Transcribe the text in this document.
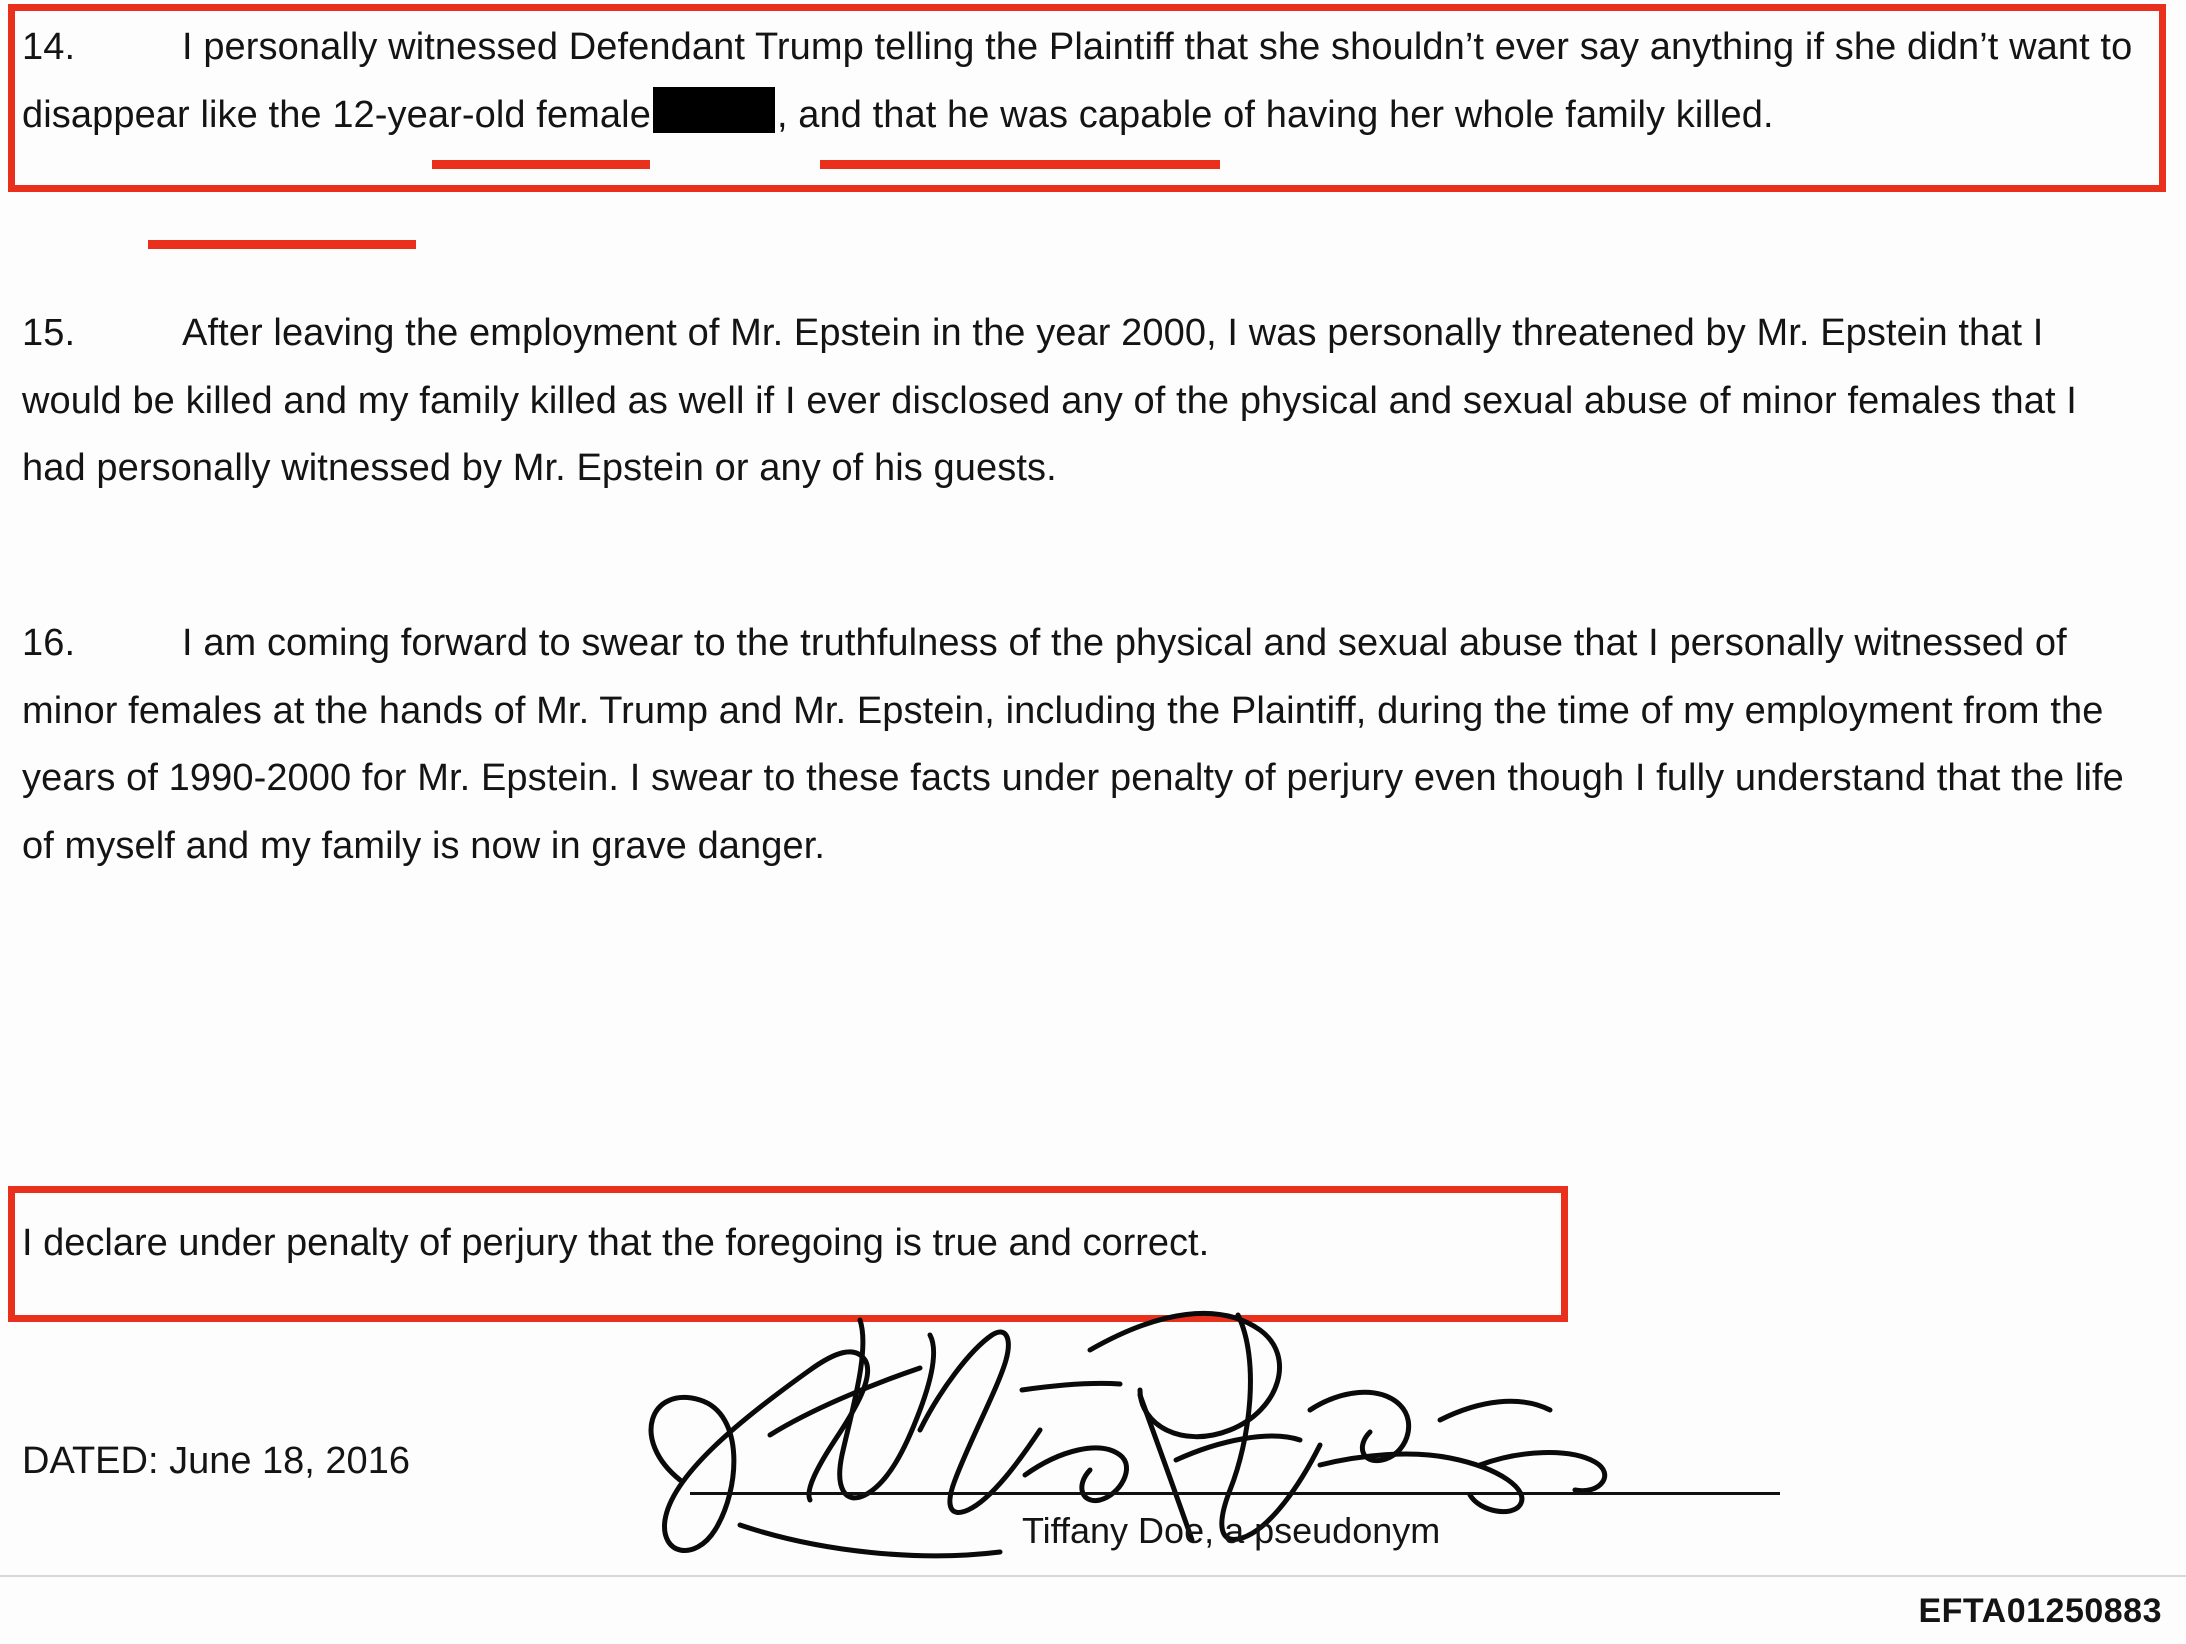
14.	I personally witnessed Defendant Trump telling the Plaintiff that she shouldn’t ever say anything if she didn’t want to disappear like the 12-year-old female	, and that he was capable of having her whole family killed.
15.	After leaving the employment of Mr. Epstein in the year 2000, I was personally threatened by Mr. Epstein that I would be killed and my family killed as well if I ever disclosed any of the physical and sexual abuse of minor females that I had personally witnessed by Mr. Epstein or any of his guests.
16.	I am coming forward to swear to the truthfulness of the physical and sexual abuse that I personally witnessed of minor females at the hands of Mr. Trump and Mr. Epstein, including the Plaintiff, during the time of my employment from the years of 1990-2000 for Mr. Epstein. I swear to these facts under penalty of perjury even though I fully understand that the life of myself and my family is now in grave danger.
I declare under penalty of perjury that the foregoing is true and correct.
DATED: June 18, 2016
Tiffany Doe, a pseudonym
EFTA01250883
